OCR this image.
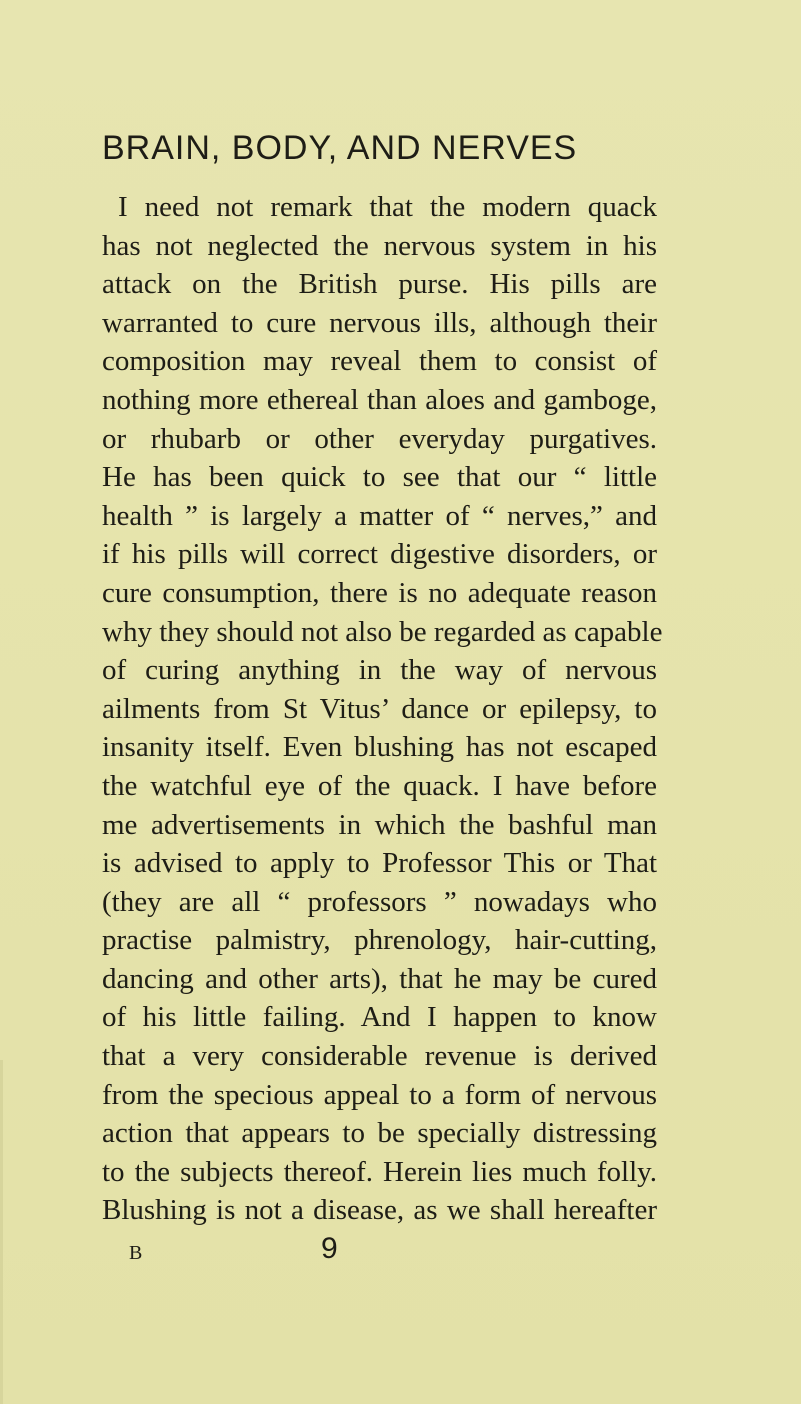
BRAIN, BODY, AND NERVES
I need not remark that the modern quack
has not neglected the nervous system in his
attack on the British purse. His pills are
warranted to cure nervous ills, although their
composition may reveal them to consist of
nothing more ethereal than aloes and gamboge,
or rhubarb or other everyday purgatives.
He has been quick to see that our “ little
health ” is largely a matter of “ nerves,” and
if his pills will correct digestive disorders, or
cure consumption, there is no adequate reason
why they should not also be regarded as capable
of curing anything in the way of nervous
ailments from St Vitus’ dance or epilepsy, to
insanity itself. Even blushing has not escaped
the watchful eye of the quack. I have before
me advertisements in which the bashful man
is advised to apply to Professor This or That
(they are all “ professors ” nowadays who
practise palmistry, phrenology, hair-cutting,
dancing and other arts), that he may be cured
of his little failing. And I happen to know
that a very considerable revenue is derived
from the specious appeal to a form of nervous
action that appears to be specially distressing
to the subjects thereof. Herein lies much folly.
Blushing is not a disease, as we shall hereafter
B	9
